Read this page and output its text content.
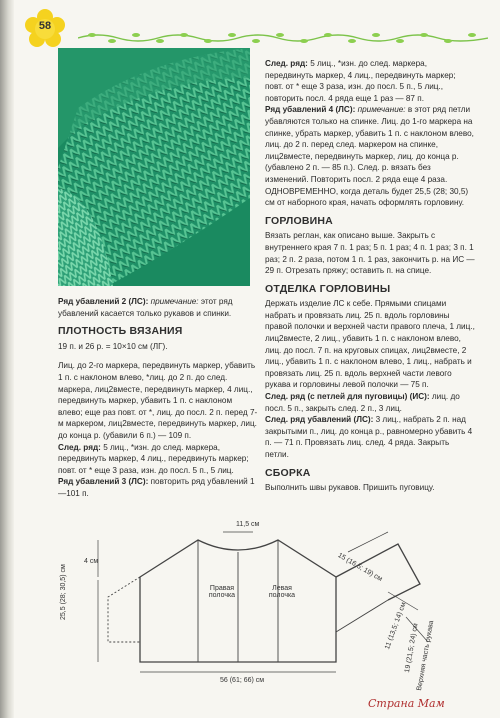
58

Ряд убавлений 2 (ЛС): примечание: этот ряд убавлений касается только рукавов и спинки.

ПЛОТНОСТЬ ВЯЗАНИЯ

19 п. и 26 р. = 10×10 см (ЛГ).

Лиц. до 2-го маркера, передвинуть маркер, убавить 1 п. с наклоном влево, *лиц. до 2 п. до след. маркера, лиц2вместе, передвинуть маркер, 4 лиц., передвинуть маркер, убавить 1 п. с наклоном влево; еще раз повт. от *, лиц. до посл. 2 п. перед 7-м маркером, лиц2вместе, передвинуть маркер, лиц. до конца р. (убавили 6 п.) — 109 п.

След. ряд: 5 лиц., *изн. до след. маркера, передвинуть маркер, 4 лиц., передвинуть маркер; повт. от * еще 3 раза, изн. до посл. 5 п., 5 лиц.

Ряд убавлений 3 (ЛС): повторить ряд убавлений 1—101 п.

След. ряд: 5 лиц., *изн. до след. маркера, передвинуть маркер, 4 лиц., передвинуть маркер; повт. от * еще 3 раза, изн. до посл. 5 п., 5 лиц., повторить посл. 4 ряда еще 1 раз — 87 п.

Ряд убавлений 4 (ЛС): примечание: в этот ряд петли убавляются только на спинке. Лиц. до 1-го маркера на спинке, убрать маркер, убавить 1 п. с наклоном влево, лиц. до 2 п. перед след. маркером на спинке, лиц2вместе, передвинуть маркер, лиц. до конца р. (убавлено 2 п. — 85 п.). След. р. вязать без изменений. Повторить посл. 2 ряда еще 4 раза. ОДНОВРЕМЕННО, когда деталь будет 25,5 (28; 30,5) см от наборного края, начать оформлять горловину.

ГОРЛОВИНА

Вязать реглан, как описано выше. Закрыть с внутреннего края 7 п. 1 раз; 5 п. 1 раз; 4 п. 1 раз; 3 п. 1 раз; 2 п. 2 раза, потом 1 п. 1 раз, закончить р. на ИС — 29 п. Отрезать пряжу; оставить п. на спице.

ОТДЕЛКА ГОРЛОВИНЫ

Держать изделие ЛС к себе. Прямыми спицами набрать и провязать лиц. 25 п. вдоль горловины правой полочки и верхней части правого плеча, 1 лиц., лиц2вместе, 2 лиц., убавить 1 п. с наклоном влево, лиц. до посл. 7 п. на круговых спицах, лиц2вместе, 2 лиц., убавить 1 п. с наклоном влево, 1 лиц., набрать и провязать лиц. 25 п. вдоль верхней части левого рукава и горловины левой полочки — 75 п.

След. ряд (с петлей для пуговицы) (ИС): лиц. до посл. 5 п., закрыть след. 2 п., 3 лиц.

След. ряд убавлений (ЛС): 3 лиц., набрать 2 п. над закрытыми п., лиц. до конца р., равномерно убавить 4 п. — 71 п. Провязать лиц. след. 4 ряда. Закрыть петли.

СБОРКА

Выполнить швы рукавов. Пришить пуговицу.

11,5 см
4 см
25,5 (28; 30,5) см	Правая полочка
Левая полочка
15 (16,5; 19) см
11 (13,5; 14) см
19 (21,5; 24) см
Верхняя часть рукава
56 (61; 66) см
Страна Мам
